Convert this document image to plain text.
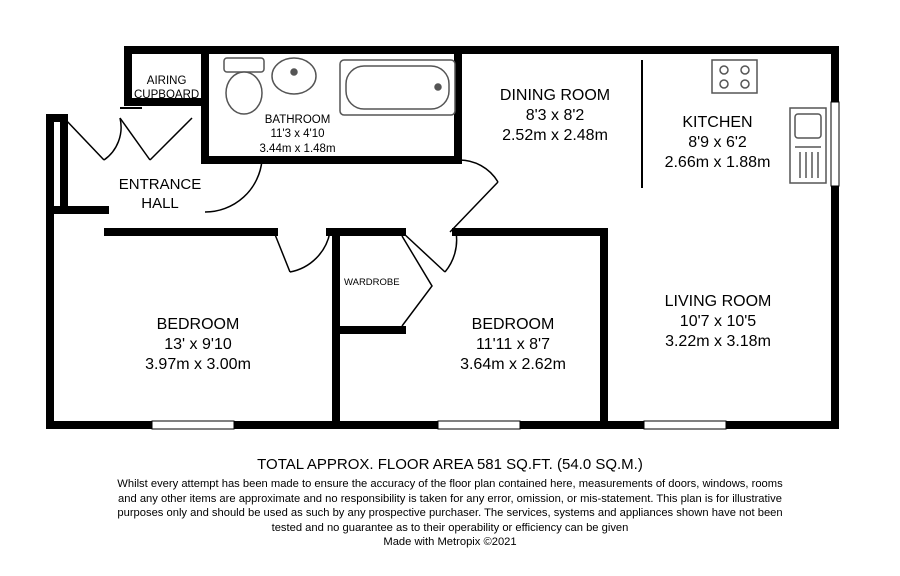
AIRING
CUPBOARD
BATHROOM
11'3 x 4'10
3.44m x 1.48m
DINING ROOM
8'3 x 8'2
2.52m x 2.48m
KITCHEN
8'9 x 6'2
2.66m x 1.88m
ENTRANCE
HALL
WARDROBE
BEDROOM
13' x 9'10
3.97m x 3.00m
BEDROOM
11'11 x 8'7
3.64m x 2.62m
LIVING ROOM
10'7 x 10'5
3.22m x 3.18m
TOTAL APPROX. FLOOR AREA 581 SQ.FT. (54.0 SQ.M.)
Whilst every attempt has been made to ensure the accuracy of the floor plan contained here, measurements of doors, windows, rooms and any other items are approximate and no responsibility is taken for any error, omission, or mis-statement. This plan is for illustrative purposes only and should be used as such by any prospective purchaser. The services, systems and appliances shown have not been tested and no guarantee as to their operability or efficiency can be given
Made with Metropix ©2021
